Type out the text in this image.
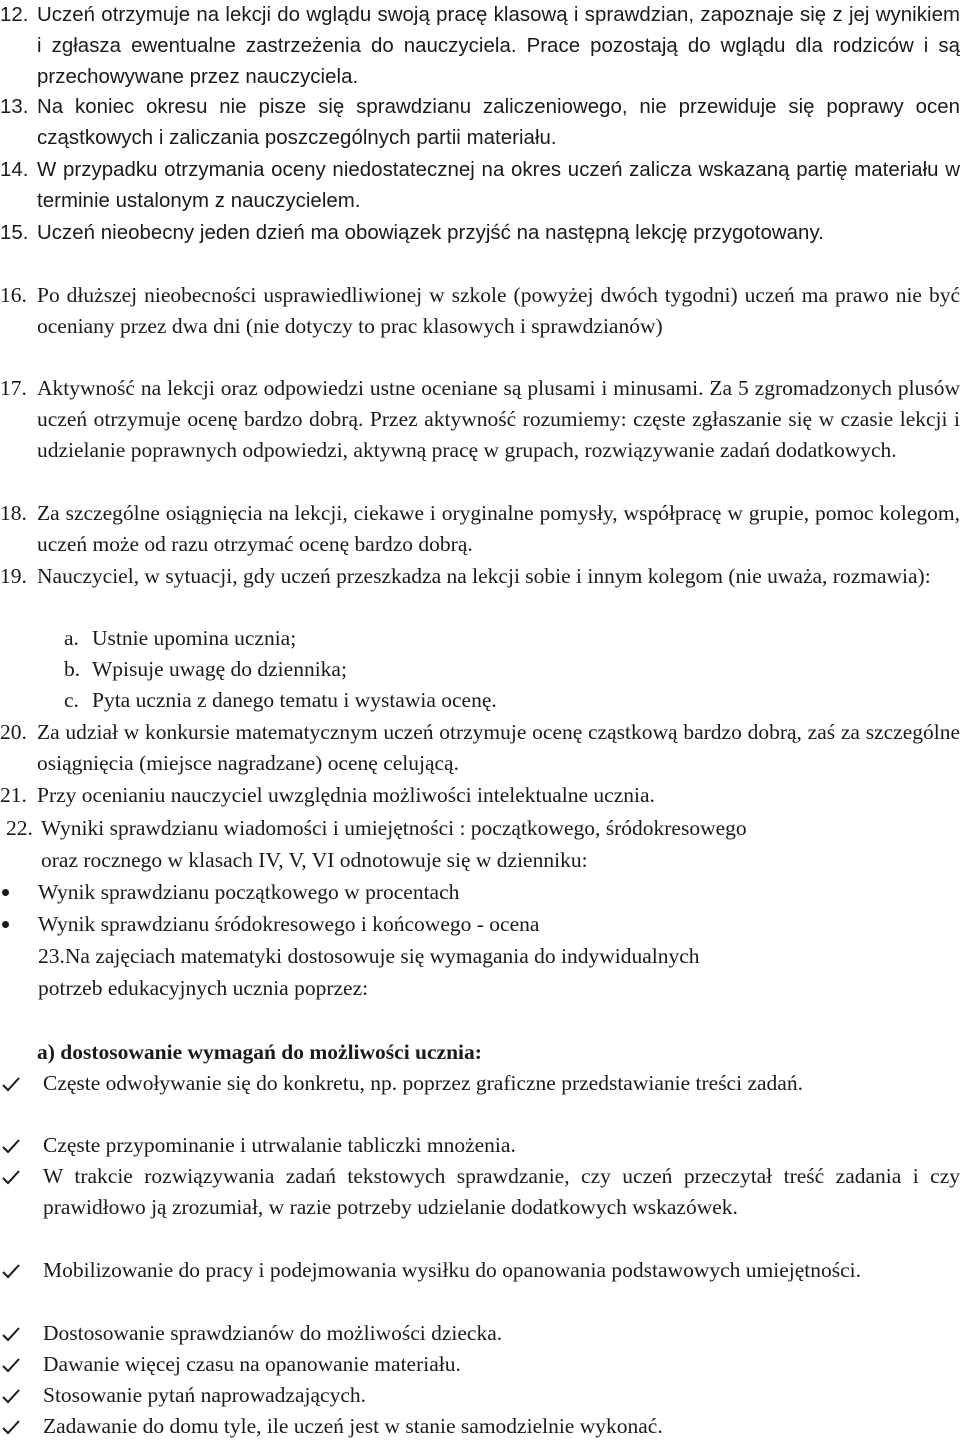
12. Uczeń otrzymuje na lekcji do wglądu swoją pracę klasową i sprawdzian, zapoznaje się z jej wynikiem i zgłasza ewentualne zastrzeżenia do nauczyciela. Prace pozostają do wglądu dla rodziców i są przechowywane przez nauczyciela.
13. Na koniec okresu nie pisze się sprawdzianu zaliczeniowego, nie przewiduje się poprawy ocen cząstkowych i zaliczania poszczególnych partii materiału.
14. W przypadku otrzymania oceny niedostatecznej na okres uczeń zalicza wskazaną partię materiału w terminie ustalonym z nauczycielem.
15. Uczeń nieobecny jeden dzień ma obowiązek przyjść na następną lekcję przygotowany.
16. Po dłuższej nieobecności usprawiedliwionej w szkole (powyżej dwóch tygodni) uczeń ma prawo nie być oceniany przez dwa dni (nie dotyczy to prac klasowych i sprawdzianów)
17. Aktywność na lekcji oraz odpowiedzi ustne oceniane są plusami i minusami. Za 5 zgromadzonych plusów uczeń otrzymuje ocenę bardzo dobrą. Przez aktywność rozumiemy: częste zgłaszanie się w czasie lekcji i udzielanie poprawnych odpowiedzi, aktywną pracę w grupach, rozwiązywanie zadań dodatkowych.
18. Za szczególne osiągnięcia na lekcji, ciekawe i oryginalne pomysły, współpracę w grupie, pomoc kolegom, uczeń może od razu otrzymać ocenę bardzo dobrą.
19. Nauczyciel, w sytuacji, gdy uczeń przeszkadza na lekcji sobie i innym kolegom (nie uważa, rozmawia):
a. Ustnie upomina ucznia;
b. Wpisuje uwagę do dziennika;
c. Pyta ucznia z danego tematu i wystawia ocenę.
20. Za udział w konkursie matematycznym uczeń otrzymuje ocenę cząstkową bardzo dobrą, zaś za szczególne osiągnięcia (miejsce nagradzane) ocenę celującą.
21. Przy ocenianiu nauczyciel uwzględnia możliwości intelektualne ucznia.
22. Wyniki sprawdzianu wiadomości i umiejętności : początkowego, śródokresowego
oraz rocznego w klasach IV, V, VI odnotowuje się w dzienniku:
Wynik sprawdzianu początkowego w procentach
Wynik sprawdzianu śródokresowego i końcowego - ocena
23.Na zajęciach matematyki dostosowuje się wymagania do indywidualnych
potrzeb edukacyjnych ucznia poprzez:
a) dostosowanie wymagań do możliwości ucznia:
Częste odwoływanie się do konkretu, np. poprzez graficzne przedstawianie treści zadań.
Częste przypominanie i utrwalanie tabliczki mnożenia.
W trakcie rozwiązywania zadań tekstowych sprawdzanie, czy uczeń przeczytał treść zadania i czy prawidłowo ją zrozumiał, w razie potrzeby udzielanie dodatkowych wskazówek.
Mobilizowanie do pracy i podejmowania wysiłku do opanowania podstawowych umiejętności.
Dostosowanie sprawdzianów do możliwości dziecka.
Dawanie więcej czasu na opanowanie materiału.
Stosowanie pytań naprowadzających.
Zadawanie do domu tyle, ile uczeń jest w stanie samodzielnie wykonać.
